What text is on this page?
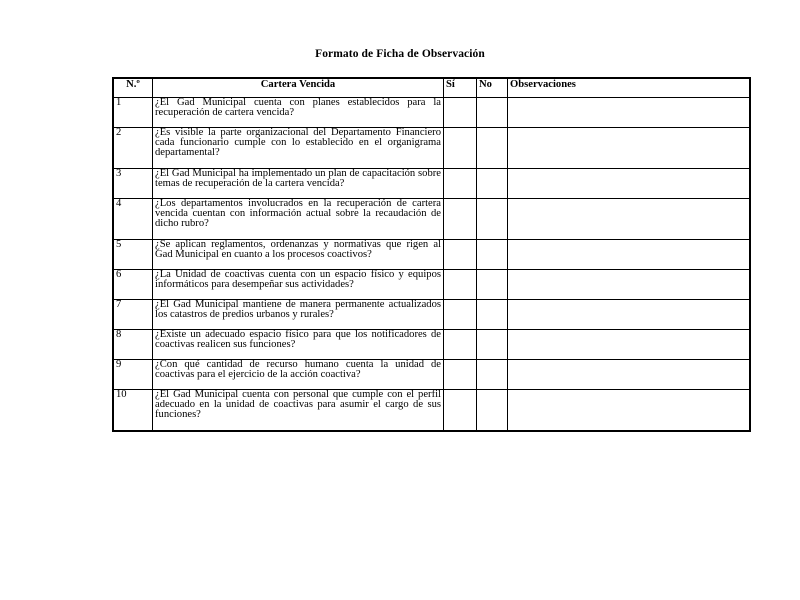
Formato de Ficha de Observación
N.º	Cartera Vencida	Sí	No	Observaciones
1	¿El Gad Municipal cuenta con planes establecidos para la recuperación de cartera vencida?			
2	¿Es visible la parte organizacional del Departamento Financiero cada funcionario cumple con lo establecido en el organigrama departamental?			
3	¿El Gad Municipal ha implementado un plan de capacitación sobre temas de recuperación de la cartera vencida?			
4	¿Los departamentos involucrados en la recuperación de cartera vencida cuentan con información actual sobre la recaudación de dicho rubro?			
5	¿Se aplican reglamentos, ordenanzas y normativas que rigen al Gad Municipal en cuanto a los procesos coactivos?			
6	¿La Unidad de coactivas cuenta con un espacio físico y equipos informáticos para desempeñar sus actividades?			
7	¿El Gad Municipal mantiene de manera permanente actualizados los catastros de predios urbanos y rurales?			
8	¿Existe un adecuado espacio físico para que los notificadores de coactivas realicen sus funciones?			
9	¿Con qué cantidad de recurso humano cuenta la unidad de coactivas para el ejercicio de la acción coactiva?			
10	¿El Gad Municipal cuenta con personal que cumple con el perfil adecuado en la unidad de coactivas para asumir el cargo de sus funciones?			
